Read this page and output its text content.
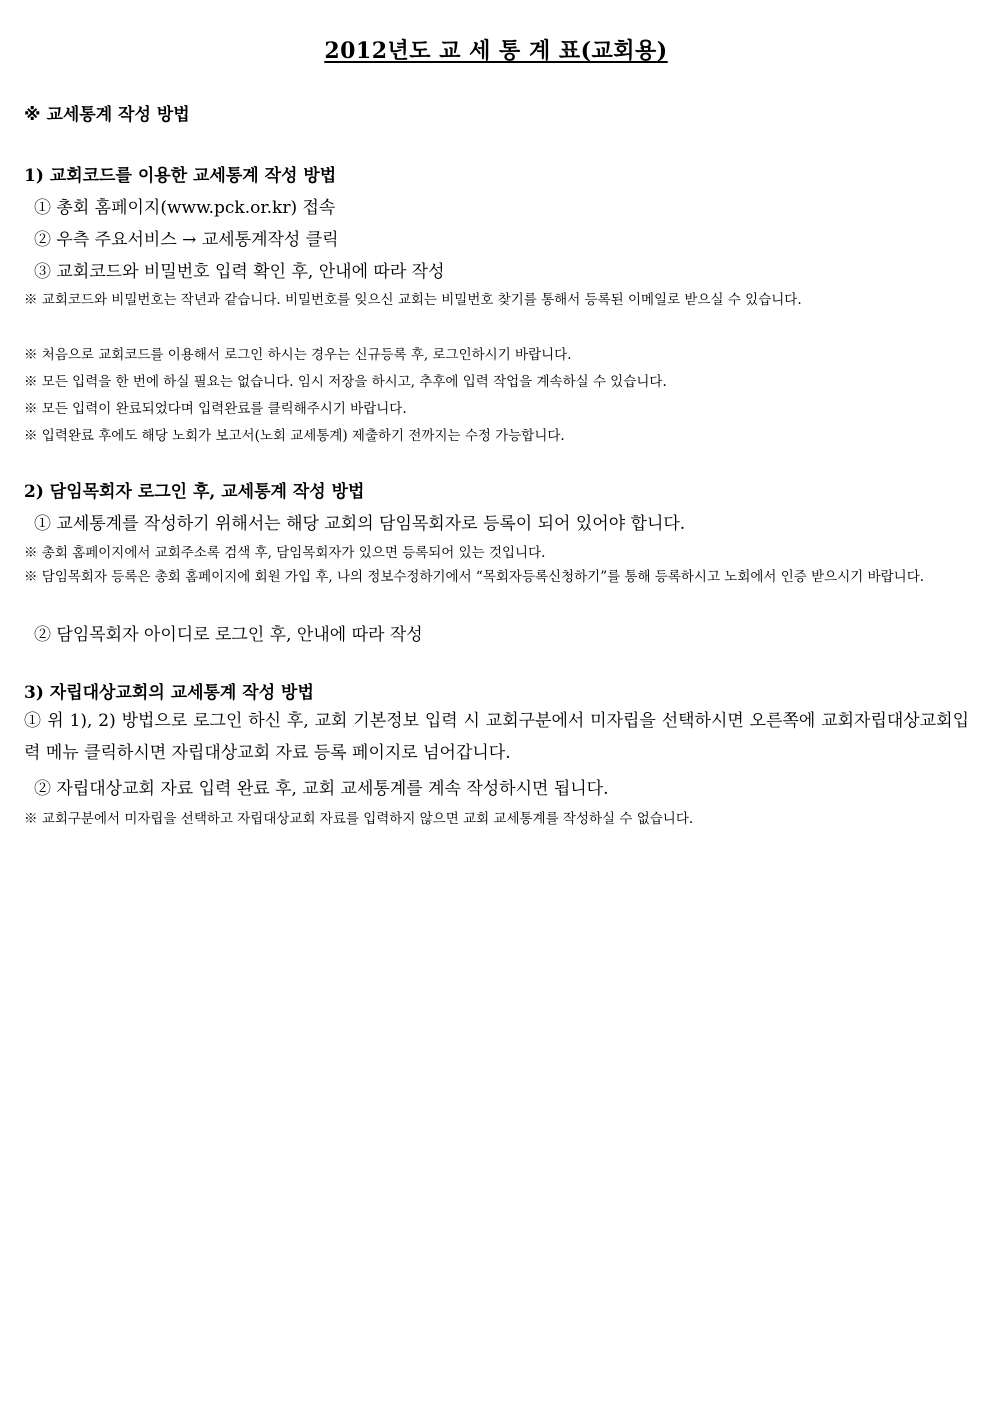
2012년도 교 세 통 계 표(교회용)
※ 교세통계 작성 방법
1) 교회코드를 이용한 교세통계 작성 방법
① 총회 홈페이지(www.pck.or.kr) 접속
② 우측 주요서비스 → 교세통계작성 클릭
③ 교회코드와 비밀번호 입력 확인 후, 안내에 따라 작성
※ 교회코드와 비밀번호는 작년과 같습니다. 비밀번호를 잊으신 교회는 비밀번호 찾기를 통해서 등록된 이메일로 받으실 수 있습니다.
※ 처음으로 교회코드를 이용해서 로그인 하시는 경우는 신규등록 후, 로그인하시기 바랍니다.
※ 모든 입력을 한 번에 하실 필요는 없습니다. 임시 저장을 하시고, 추후에 입력 작업을 계속하실 수 있습니다.
※ 모든 입력이 완료되었다며 입력완료를 클릭해주시기 바랍니다.
※ 입력완료 후에도 해당 노회가 보고서(노회 교세통계) 제출하기 전까지는 수정 가능합니다.
2) 담임목회자 로그인 후, 교세통계 작성 방법
① 교세통계를 작성하기 위해서는 해당 교회의 담임목회자로 등록이 되어 있어야 합니다.
※ 총회 홈페이지에서 교회주소록 검색 후, 담임목회자가 있으면 등록되어 있는 것입니다.
※ 담임목회자 등록은 총회 홈페이지에 회원 가입 후, 나의 정보수정하기에서 “목회자등록신청하기”를 통해 등록하시고 노회에서 인증 받으시기 바랍니다.
② 담임목회자 아이디로 로그인 후, 안내에 따라 작성
3) 자립대상교회의 교세통계 작성 방법
① 위 1), 2) 방법으로 로그인 하신 후, 교회 기본정보 입력 시 교회구분에서 미자립을 선택하시면 오른쪽에 교회자립대상교회입력 메뉴 클릭하시면 자립대상교회 자료 등록 페이지로 넘어갑니다.
② 자립대상교회 자료 입력 완료 후, 교회 교세통계를 계속 작성하시면 됩니다.
※ 교회구분에서 미자립을 선택하고 자립대상교회 자료를 입력하지 않으면 교회 교세통계를 작성하실 수 없습니다.
